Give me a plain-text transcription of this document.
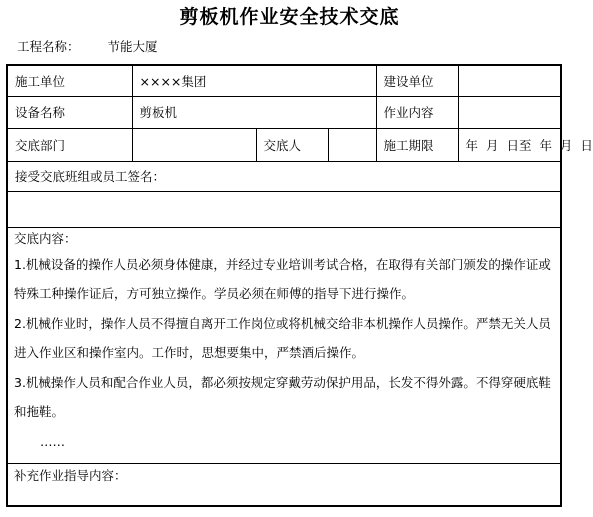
剪板机作业安全技术交底
工程名称： 节能大厦
施工单位	××××集团			建设单位	
设备名称	剪板机			作业内容	
交底部门		交底人		施工期限	年 月 日至 年 月 日
接受交底班组或员工签名：					

交底内容：

1.机械设备的操作人员必须身体健康，并经过专业培训考试合格，在取得有关部门颁发的操作证或特殊工种操作证后，方可独立操作。学员必须在师傅的指导下进行操作。

2.机械作业时，操作人员不得擅自离开工作岗位或将机械交给非本机操作人员操作。严禁无关人员进入作业区和操作室内。工作时，思想要集中，严禁酒后操作。

3.机械操作人员和配合作业人员，都必须按规定穿戴劳动保护用品，长发不得外露。不得穿硬底鞋和拖鞋。

……					

补充作业指导内容：					
